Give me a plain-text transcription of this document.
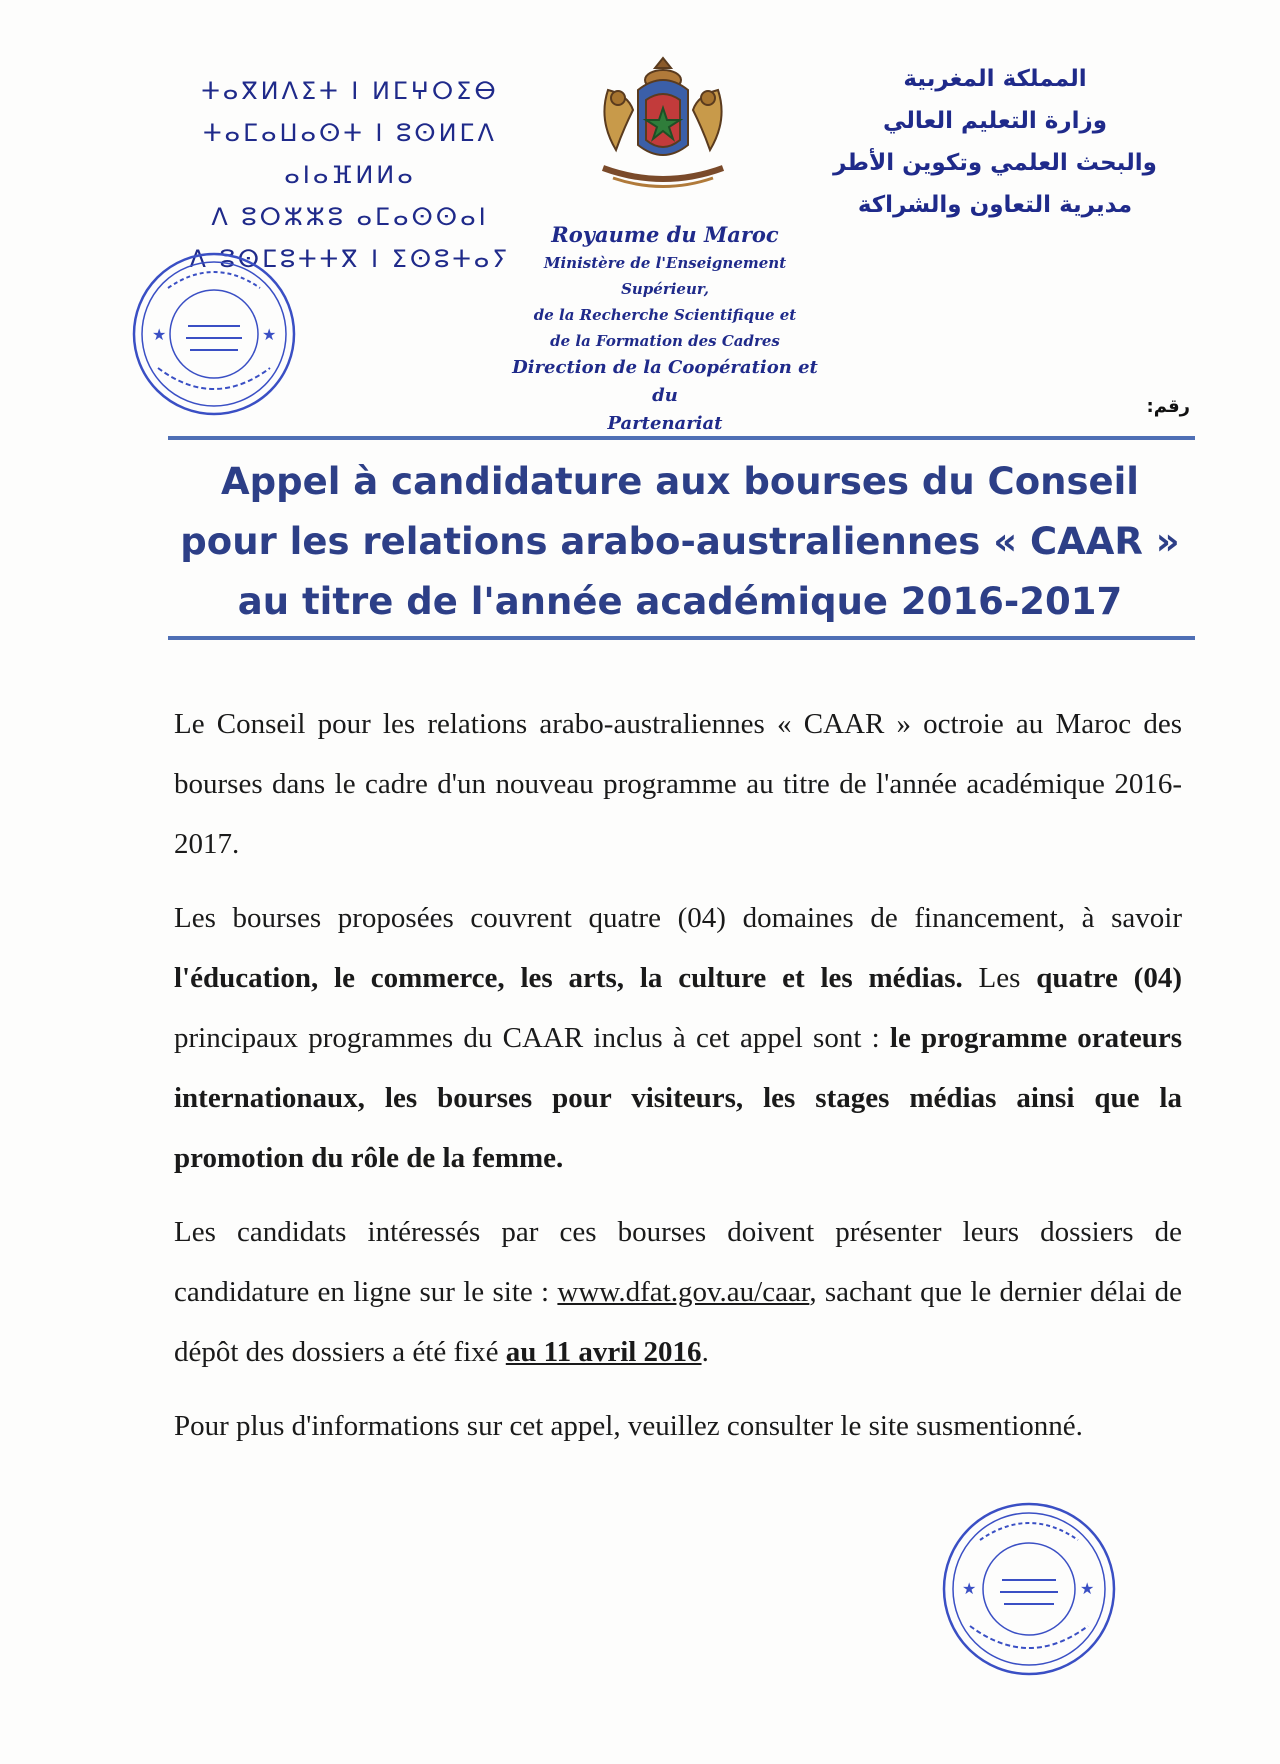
ⵜⴰⴳⵍⴷⵉⵜ ⵏ ⵍⵎⵖⵔⵉⴱ
ⵜⴰⵎⴰⵡⴰⵙⵜ ⵏ ⵓⵙⵍⵎⴷ ⴰⵏⴰⴼⵍⵍⴰ
ⴷ ⵓⵔⵣⵣⵓ ⴰⵎⴰⵙⵙⴰⵏ
ⴷ ⵓⵙⵎⵓⵜⵜⴳ ⵏ ⵉⵙⵓⵜⴰⵢ
المملكة المغربية
وزارة التعليم العالي
والبحث العلمي وتكوين الأطر
مديرية التعاون والشراكة
Royaume du Maroc
Ministère de l'Enseignement Supérieur,
de la Recherche Scientifique et
de la Formation des Cadres
Direction de la Coopération et du
Partenariat
★	★
رقم:
Appel à candidature aux bourses du Conseil
pour les relations arabo-australiennes « CAAR »
au titre de l'année académique 2016-2017

Le Conseil pour les relations arabo-australiennes « CAAR » octroie au Maroc des bourses dans le cadre d'un nouveau programme au titre de l'année académique 2016-2017.

Les bourses proposées couvrent quatre (04) domaines de financement, à savoir l'éducation, le commerce, les arts, la culture et les médias. Les quatre (04) principaux programmes du CAAR inclus à cet appel sont : le programme orateurs internationaux, les bourses pour visiteurs, les stages médias ainsi que la promotion du rôle de la femme.

Les candidats intéressés par ces bourses doivent présenter leurs dossiers de candidature en ligne sur le site : www.dfat.gov.au/caar, sachant que le dernier délai de dépôt des dossiers a été fixé au 11 avril 2016.

Pour plus d'informations sur cet appel, veuillez consulter le site susmentionné.

★	★
